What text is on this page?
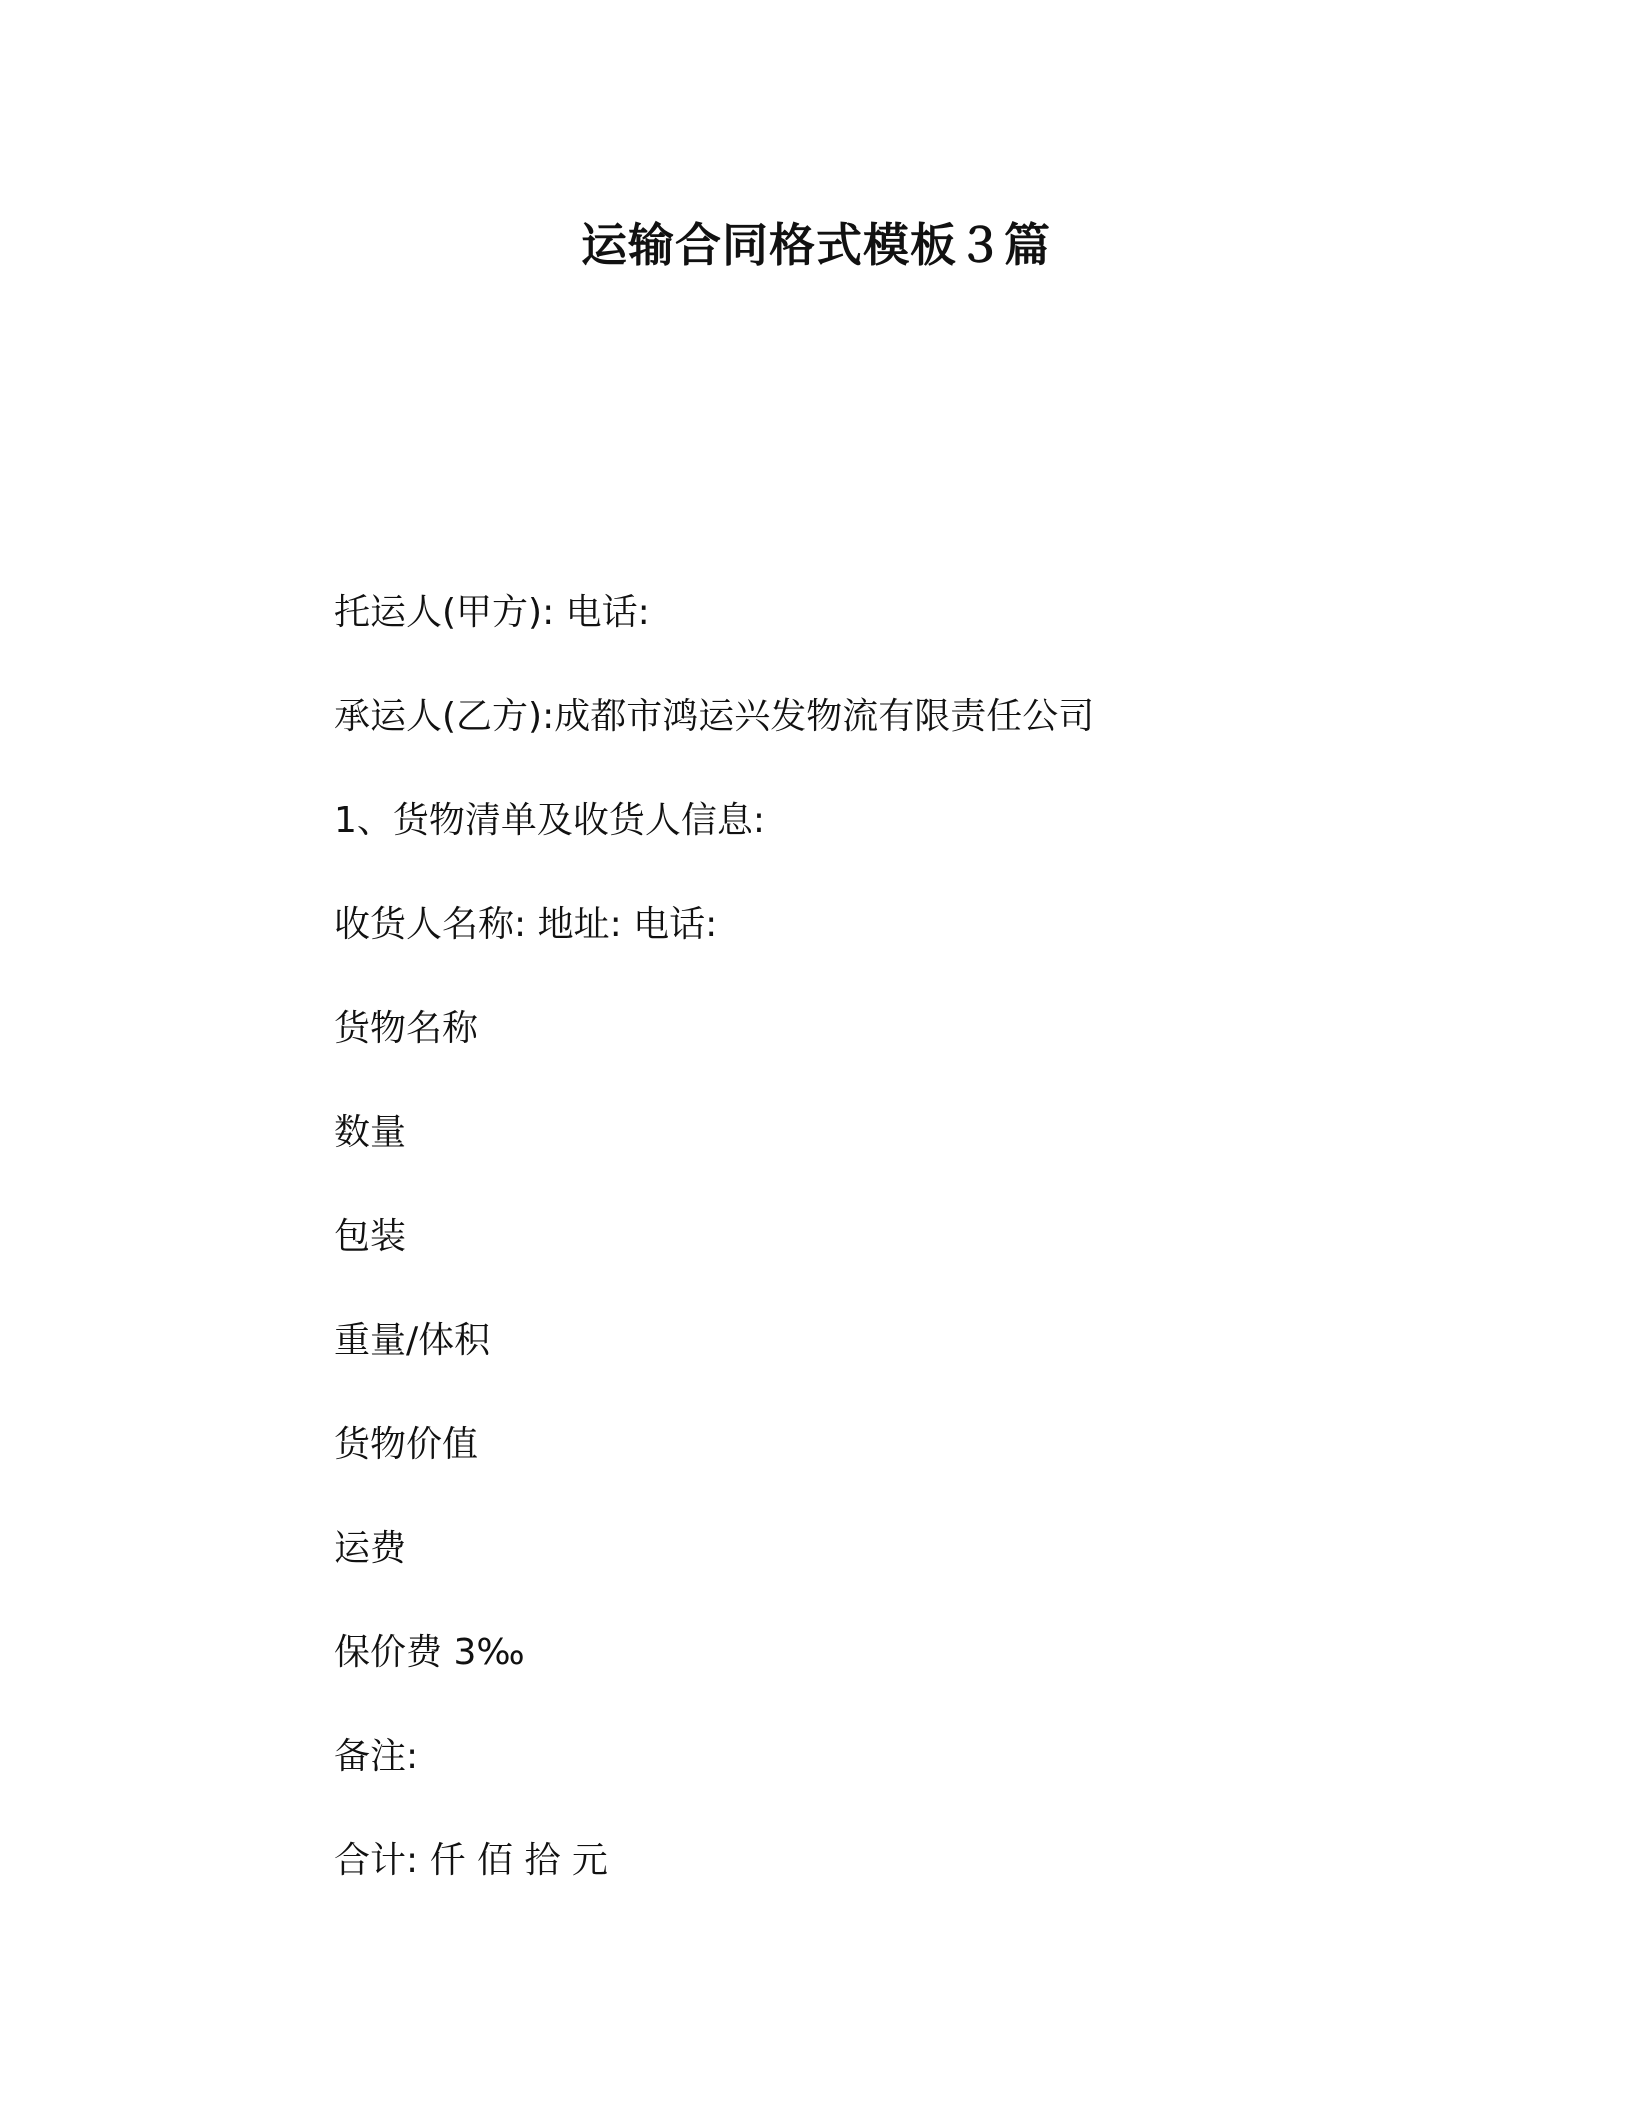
运输合同格式模板３篇
托运人(甲方): 电话:
承运人(乙方):成都市鸿运兴发物流有限责任公司
1、货物清单及收货人信息:
收货人名称: 地址: 电话:
货物名称
数量
包装
重量/体积
货物价值
运费
保价费 3‰
备注:
合计: 仟 佰 拾 元
